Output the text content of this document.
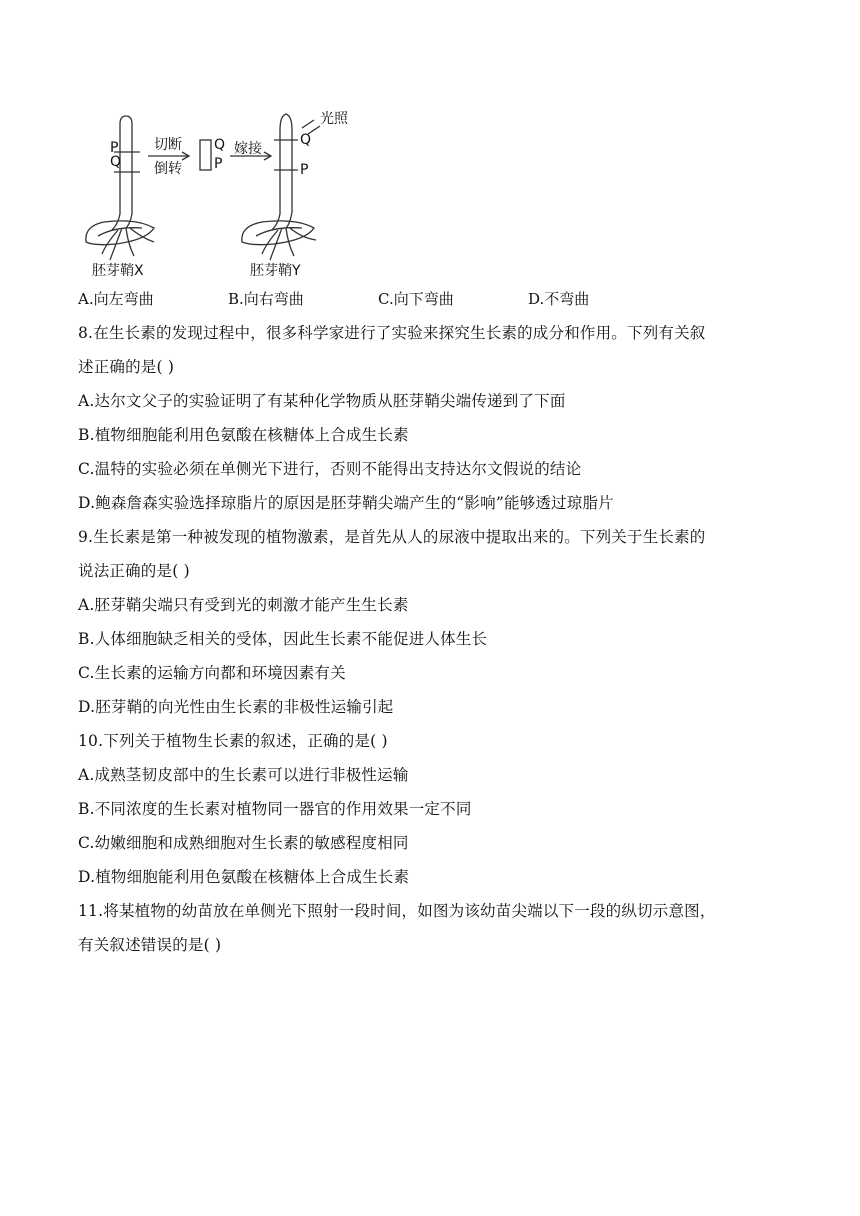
P
Q
切断
倒转
Q
P
嫁接
光照
Q
P
胚芽鞘X	胚芽鞘Y
A.向左弯曲	B.向右弯曲	C.向下弯曲	D.不弯曲
8.在生长素的发现过程中，很多科学家进行了实验来探究生长素的成分和作用。下列有关叙
述正确的是( )
A.达尔文父子的实验证明了有某种化学物质从胚芽鞘尖端传递到了下面
B.植物细胞能利用色氨酸在核糖体上合成生长素
C.温特的实验必须在单侧光下进行，否则不能得出支持达尔文假说的结论
D.鲍森詹森实验选择琼脂片的原因是胚芽鞘尖端产生的“影响”能够透过琼脂片
9.生长素是第一种被发现的植物激素，是首先从人的尿液中提取出来的。下列关于生长素的
说法正确的是( )
A.胚芽鞘尖端只有受到光的刺激才能产生生长素
B.人体细胞缺乏相关的受体，因此生长素不能促进人体生长
C.生长素的运输方向都和环境因素有关
D.胚芽鞘的向光性由生长素的非极性运输引起
10.下列关于植物生长素的叙述，正确的是( )
A.成熟茎韧皮部中的生长素可以进行非极性运输
B.不同浓度的生长素对植物同一器官的作用效果一定不同
C.幼嫩细胞和成熟细胞对生长素的敏感程度相同
D.植物细胞能利用色氨酸在核糖体上合成生长素
11.将某植物的幼苗放在单侧光下照射一段时间，如图为该幼苗尖端以下一段的纵切示意图，
有关叙述错误的是( )
